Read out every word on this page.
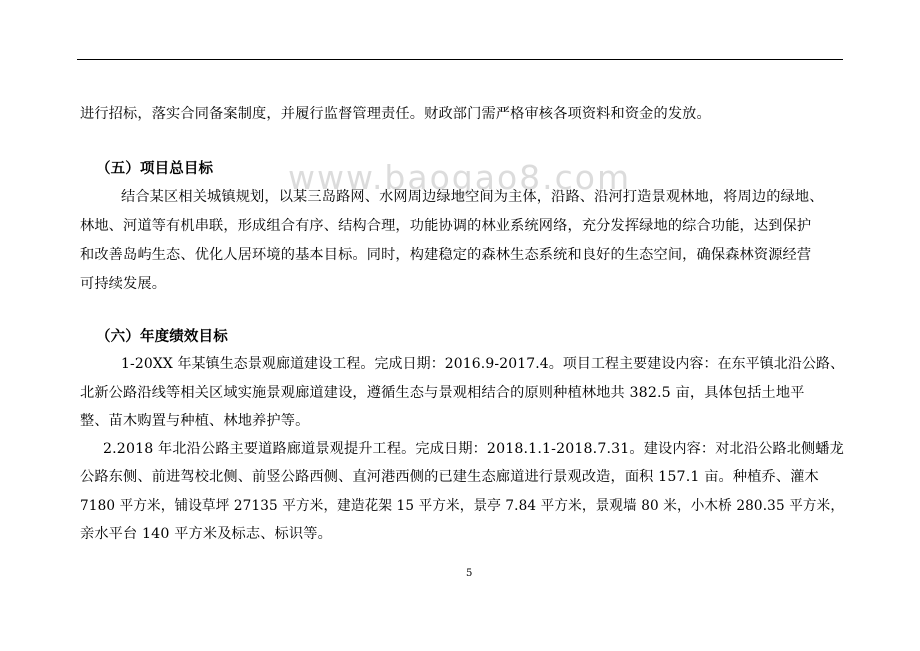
www.baogao8.com
进行招标，落实合同备案制度，并履行监督管理责任。财政部门需严格审核各项资料和资金的发放。
（五）项目总目标
结合某区相关城镇规划，以某三岛路网、水网周边绿地空间为主体，沿路、沿河打造景观林地，将周边的绿地、
林地、河道等有机串联，形成组合有序、结构合理，功能协调的林业系统网络，充分发挥绿地的综合功能，达到保护
和改善岛屿生态、优化人居环境的基本目标。同时，构建稳定的森林生态系统和良好的生态空间，确保森林资源经营
可持续发展。
（六）年度绩效目标
1-20XX 年某镇生态景观廊道建设工程。完成日期：2016.9-2017.4。项目工程主要建设内容：在东平镇北沿公路、
北新公路沿线等相关区域实施景观廊道建设，遵循生态与景观相结合的原则种植林地共 382.5 亩，具体包括土地平
整、苗木购置与种植、林地养护等。
2.2018 年北沿公路主要道路廊道景观提升工程。完成日期：2018.1.1-2018.7.31。建设内容：对北沿公路北侧蟠龙
公路东侧、前进驾校北侧、前竖公路西侧、直河港西侧的已建生态廊道进行景观改造，面积 157.1 亩。种植乔、灌木
7180 平方米，铺设草坪 27135 平方米，建造花架 15 平方米，景亭 7.84 平方米，景观墙 80 米，小木桥 280.35 平方米，
亲水平台 140 平方米及标志、标识等。
5
